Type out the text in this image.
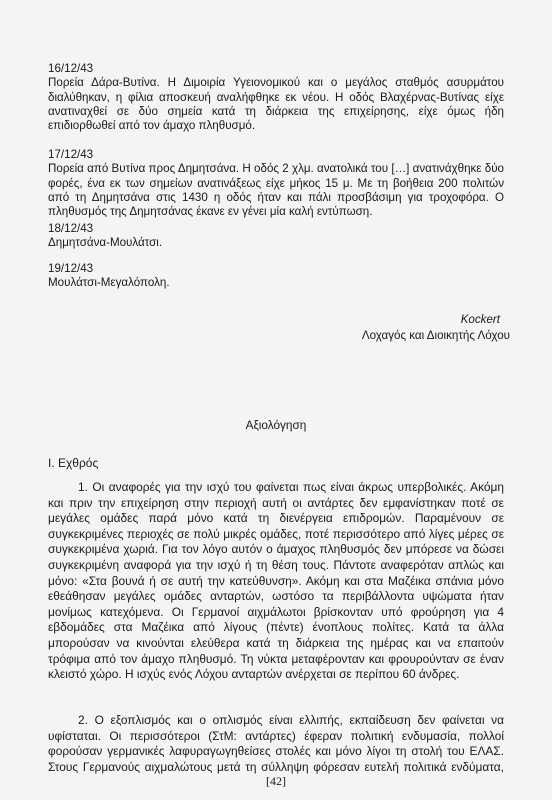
16/12/43
Πορεία Δάρα-Βυτίνα. Η Διμοιρία Υγειονομικού και ο μεγάλος σταθμός ασυρμάτου διαλύθηκαν, η φίλια αποσκευή αναλήφθηκε εκ νέου. Η οδός Βλαχέρνας-Βυτίνας είχε ανατιναχθεί σε δύο σημεία κατά τη διάρκεια της επιχείρησης, είχε όμως ήδη επιδιορθωθεί από τον άμαχο πληθυσμό.
17/12/43
Πορεία από Βυτίνα προς Δημητσάνα. Η οδός 2 χλμ. ανατολικά του […] ανατινάχθηκε δύο φορές, ένα εκ των σημείων ανατινάξεως είχε μήκος 15 μ. Με τη βοήθεια 200 πολιτών από τη Δημητσάνα στις 1430 η οδός ήταν και πάλι προσβάσιμη για τροχοφόρα. Ο πληθυσμός της Δημητσάνας έκανε εν γένει μία καλή εντύπωση.
18/12/43
Δημητσάνα-Μουλάτσι.
19/12/43
Μουλάτσι-Μεγαλόπολη.
Kockert
Λοχαγός και Διοικητής Λόχου
Αξιολόγηση
Ι. Εχθρός
1. Οι αναφορές για την ισχύ του φαίνεται πως είναι άκρως υπερβολικές. Ακόμη και πριν την επιχείρηση στην περιοχή αυτή οι αντάρτες δεν εμφανίστηκαν ποτέ σε μεγάλες ομάδες παρά μόνο κατά τη διενέργεια επιδρομών. Παραμένουν σε συγκεκριμένες περιοχές σε πολύ μικρές ομάδες, ποτέ περισσότερο από λίγες μέρες σε συγκεκριμένα χωριά. Για τον λόγο αυτόν ο άμαχος πληθυσμός δεν μπόρεσε να δώσει συγκεκριμένη αναφορά για την ισχύ ή τη θέση τους. Πάντοτε αναφερόταν απλώς και μόνο: «Στα βουνά ή σε αυτή την κατεύθυνση». Ακόμη και στα Μαζέικα σπάνια μόνο εθεάθησαν μεγάλες ομάδες ανταρτών, ωστόσο τα περιβάλλοντα υψώματα ήταν μονίμως κατεχόμενα. Οι Γερμανοί αιχμάλωτοι βρίσκονταν υπό φρούρηση για 4 εβδομάδες στα Μαζέικα από λίγους (πέντε) ένοπλους πολίτες. Κατά τα άλλα μπορούσαν να κινούνται ελεύθερα κατά τη διάρκεια της ημέρας και να επαιτούν τρόφιμα από τον άμαχο πληθυσμό. Τη νύκτα μεταφέρονταν και φρουρούνταν σε έναν κλειστό χώρο. Η ισχύς ενός Λόχου ανταρτών ανέρχεται σε περίπου 60 άνδρες.
2. Ο εξοπλισμός και ο οπλισμός είναι ελλιπής, εκπαίδευση δεν φαίνεται να υφίσταται. Οι περισσότεροι (ΣτΜ: αντάρτες) έφεραν πολιτική ενδυμασία, πολλοί φορούσαν γερμανικές λαφυραγωγηθείσες στολές και μόνο λίγοι τη στολή του ΕΛΑΣ. Στους Γερμανούς αιχμαλώτους μετά τη σύλληψη φόρεσαν ευτελή πολιτικά ενδύματα,
[42]
